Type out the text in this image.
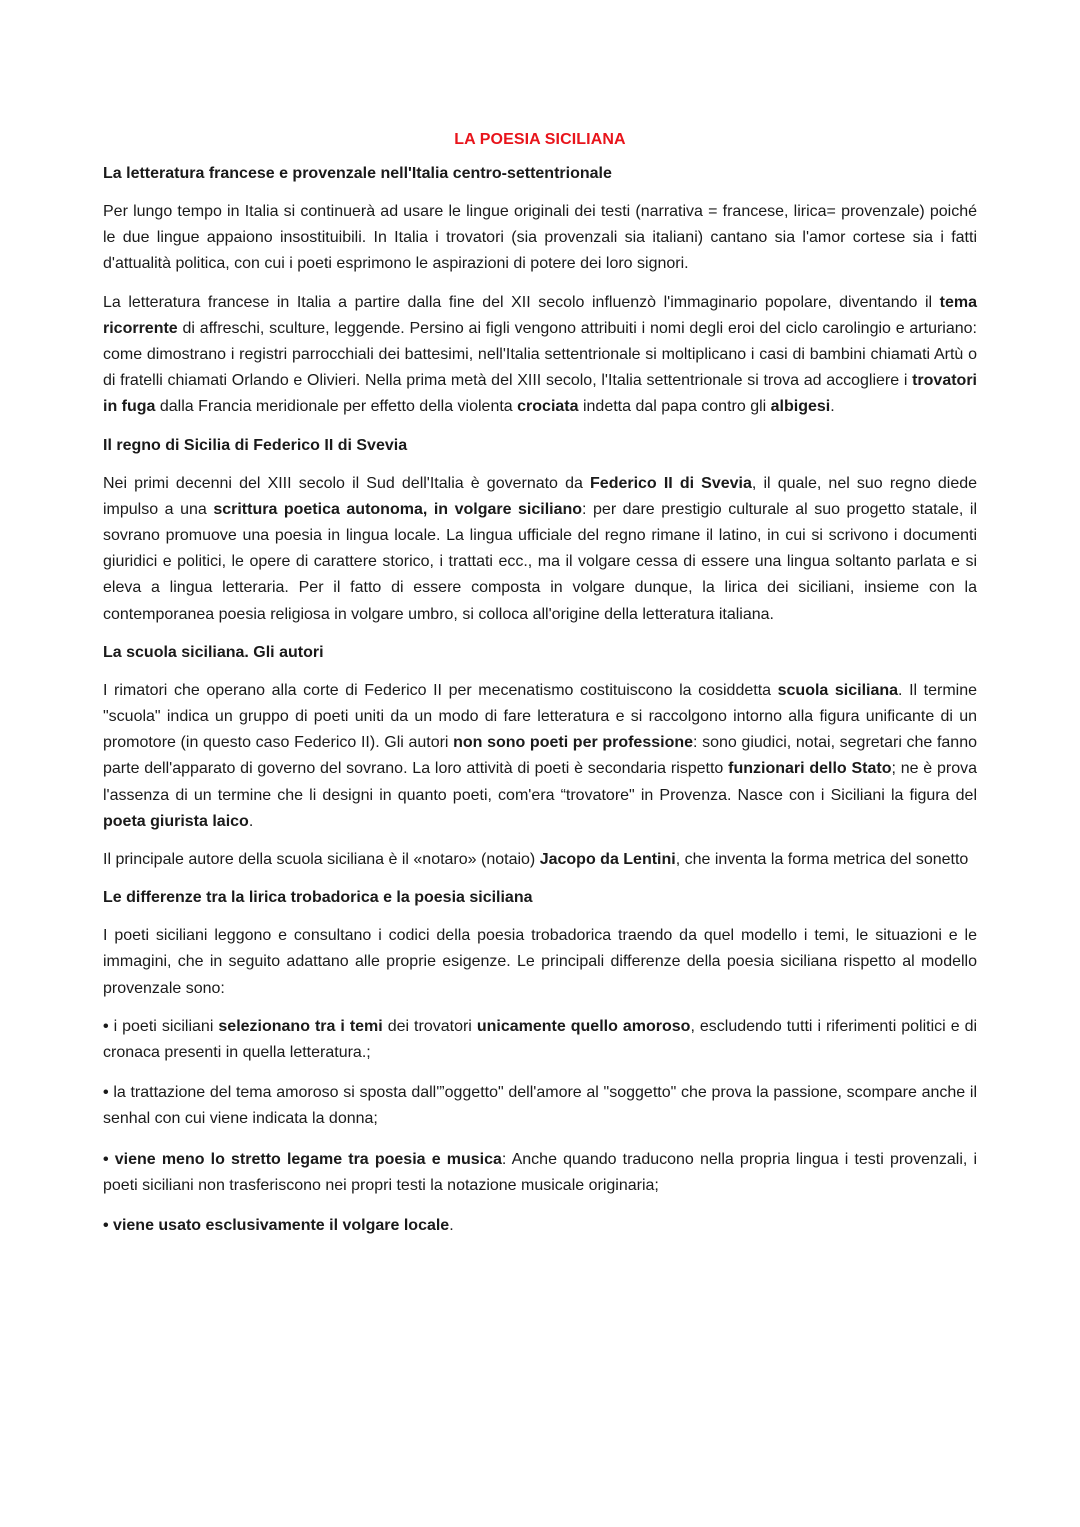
LA POESIA SICILIANA
La letteratura francese e provenzale nell'Italia centro-settentrionale
Per lungo tempo in Italia si continuerà ad usare le lingue originali dei testi (narrativa = francese, lirica= provenzale) poiché le due lingue appaiono insostituibili. In Italia i trovatori (sia provenzali sia italiani) cantano sia l'amor cortese sia i fatti d'attualità politica, con cui i poeti esprimono le aspirazioni di potere dei loro signori.
La letteratura francese in Italia a partire dalla fine del XII secolo influenzò l'immaginario popolare, diventando il tema ricorrente di affreschi, sculture, leggende. Persino ai figli vengono attribuiti i nomi degli eroi del ciclo carolingio e arturiano: come dimostrano i registri parrocchiali dei battesimi, nell'Italia settentrionale si moltiplicano i casi di bambini chiamati Artù o di fratelli chiamati Orlando e Olivieri. Nella prima metà del XIII secolo, l'Italia settentrionale si trova ad accogliere i trovatori in fuga dalla Francia meridionale per effetto della violenta crociata indetta dal papa contro gli albigesi.
Il regno di Sicilia di Federico II di Svevia
Nei primi decenni del XIII secolo il Sud dell'Italia è governato da Federico II di Svevia, il quale, nel suo regno diede impulso a una scrittura poetica autonoma, in volgare siciliano: per dare prestigio culturale al suo progetto statale, il sovrano promuove una poesia in lingua locale. La lingua ufficiale del regno rimane il latino, in cui si scrivono i documenti giuridici e politici, le opere di carattere storico, i trattati ecc., ma il volgare cessa di essere una lingua soltanto parlata e si eleva a lingua letteraria. Per il fatto di essere composta in volgare dunque, la lirica dei siciliani, insieme con la contemporanea poesia religiosa in volgare umbro, si colloca all'origine della letteratura italiana.
La scuola siciliana. Gli autori
I rimatori che operano alla corte di Federico II per mecenatismo costituiscono la cosiddetta scuola siciliana. Il termine "scuola" indica un gruppo di poeti uniti da un modo di fare letteratura e si raccolgono intorno alla figura unificante di un promotore (in questo caso Federico II). Gli autori non sono poeti per professione: sono giudici, notai, segretari che fanno parte dell'apparato di governo del sovrano. La loro attività di poeti è secondaria rispetto funzionari dello Stato; ne è prova l'assenza di un termine che li designi in quanto poeti, com'era “trovatore" in Provenza. Nasce con i Siciliani la figura del poeta giurista laico.
Il principale autore della scuola siciliana è il «notaro» (notaio) Jacopo da Lentini, che inventa la forma metrica del sonetto
Le differenze tra la lirica trobadorica e la poesia siciliana
I poeti siciliani leggono e consultano i codici della poesia trobadorica traendo da quel modello i temi, le situazioni e le immagini, che in seguito adattano alle proprie esigenze. Le principali differenze della poesia siciliana rispetto al modello provenzale sono:
• i poeti siciliani selezionano tra i temi dei trovatori unicamente quello amoroso, escludendo tutti i riferimenti politici e di cronaca presenti in quella letteratura.;
• la trattazione del tema amoroso si sposta dall'”oggetto" dell'amore al "soggetto" che prova la passione, scompare anche il senhal con cui viene indicata la donna;
• viene meno lo stretto legame tra poesia e musica: Anche quando traducono nella propria lingua i testi provenzali, i poeti siciliani non trasferiscono nei propri testi la notazione musicale originaria;
• viene usato esclusivamente il volgare locale.
